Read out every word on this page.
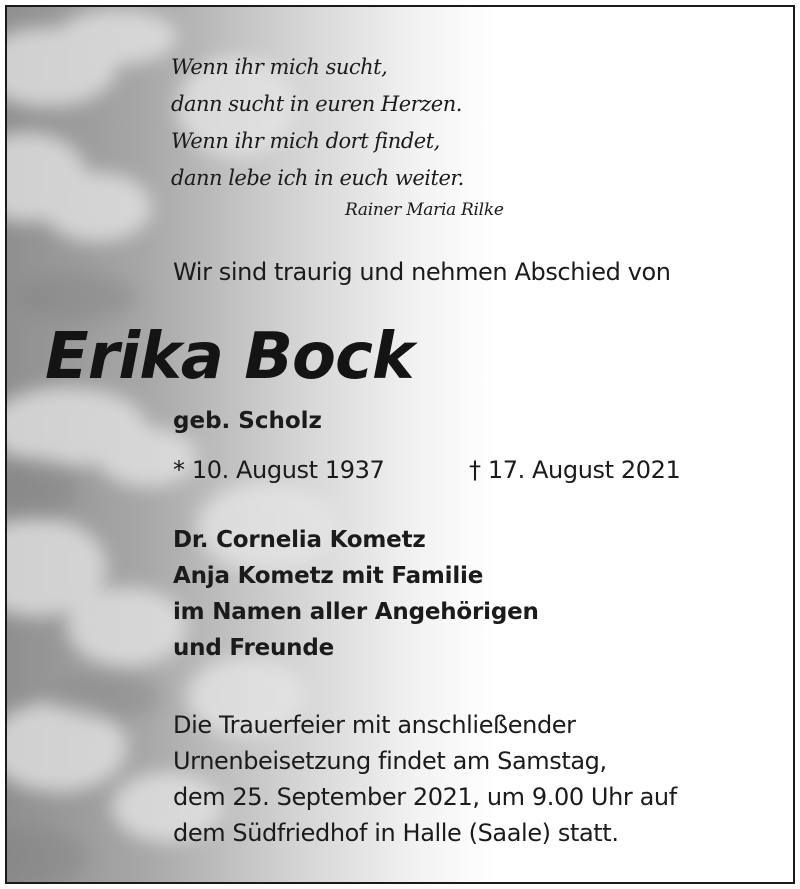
Wenn ihr mich sucht,
dann sucht in euren Herzen.
Wenn ihr mich dort findet,
dann lebe ich in euch weiter.
Rainer Maria Rilke
Wir sind traurig und nehmen Abschied von
Erika Bock
geb. Scholz
* 10. August 1937	† 17. August 2021
Dr. Cornelia Kometz
Anja Kometz mit Familie
im Namen aller Angehörigen
und Freunde
Die Trauerfeier mit anschließender
Urnenbeisetzung findet am Samstag,
dem 25. September 2021, um 9.00 Uhr auf
dem Südfriedhof in Halle (Saale) statt.
